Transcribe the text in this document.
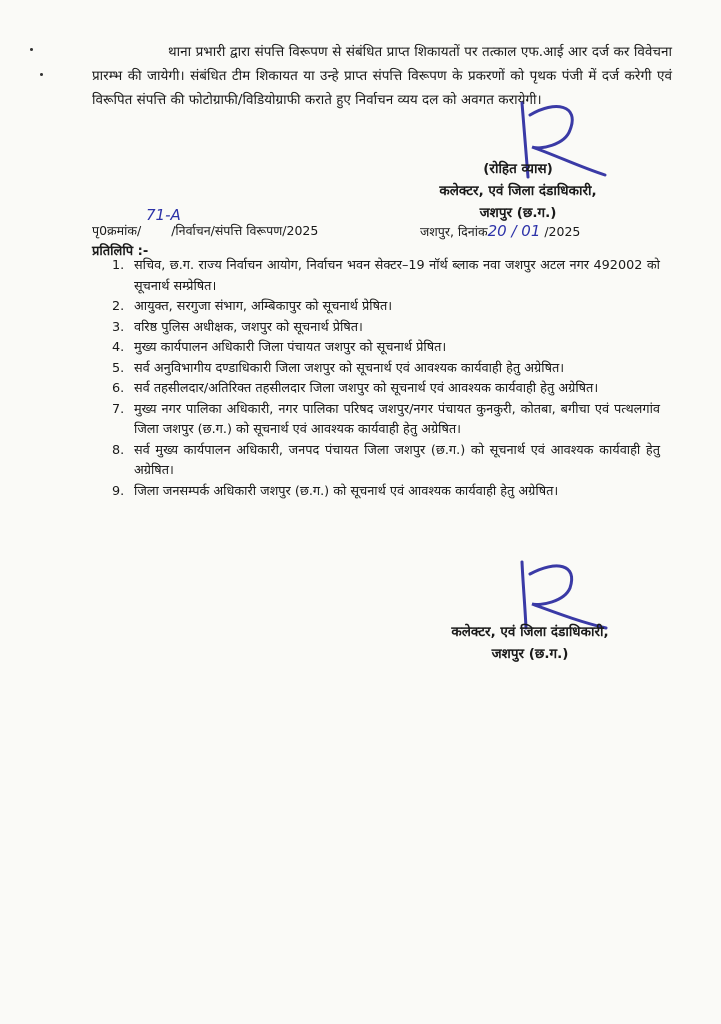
थाना प्रभारी द्वारा संपत्ति विरूपण से संबंधित प्राप्त शिकायतों पर तत्काल एफ.आई आर दर्ज कर विवेचना प्रारम्भ की जायेगी। संबंधित टीम शिकायत या उन्हे प्राप्त संपत्ति विरूपण के प्रकरणों को पृथक पंजी में दर्ज करेगी एवं विरूपित संपत्ति की फोटोग्राफी/विडियोग्राफी कराते हुए निर्वाचन व्यय दल को अवगत करायेगी।

(रोहित व्यास)
कलेक्टर, एवं जिला दंडाधिकारी,
जशपुर (छ.ग.)
पृ0क्रमांक/ /निर्वाचन/संपत्ति विरूपण/2025
71-A
जशपुर, दिनांक20 / 01 /2025
प्रतिलिपि :-
1. सचिव, छ.ग. राज्य निर्वाचन आयोग, निर्वाचन भवन सेक्टर–19 नॉर्थ ब्लाक नवा जशपुर अटल नगर 492002 को सूचनार्थ सम्प्रेषित।
2. आयुक्त, सरगुजा संभाग, अम्बिकापुर को सूचनार्थ प्रेषित।
3. वरिष्ठ पुलिस अधीक्षक, जशपुर को सूचनार्थ प्रेषित।
4. मुख्य कार्यपालन अधिकारी जिला पंचायत जशपुर को सूचनार्थ प्रेषित।
5. सर्व अनुविभागीय दण्डाधिकारी जिला जशपुर को सूचनार्थ एवं आवश्यक कार्यवाही हेतु अग्रेषित।
6. सर्व तहसीलदार/अतिरिक्त तहसीलदार जिला जशपुर को सूचनार्थ एवं आवश्यक कार्यवाही हेतु अग्रेषित।
7. मुख्य नगर पालिका अधिकारी, नगर पालिका परिषद जशपुर/नगर पंचायत कुनकुरी, कोतबा, बगीचा एवं पत्थलगांव जिला जशपुर (छ.ग.) को सूचनार्थ एवं आवश्यक कार्यवाही हेतु अग्रेषित।
8. सर्व मुख्य कार्यपालन अधिकारी, जनपद पंचायत जिला जशपुर (छ.ग.) को सूचनार्थ एवं आवश्यक कार्यवाही हेतु अग्रेषित।
9. जिला जनसम्पर्क अधिकारी जशपुर (छ.ग.) को सूचनार्थ एवं आवश्यक कार्यवाही हेतु अग्रेषित।
कलेक्टर, एवं जिला दंडाधिकारी,
जशपुर (छ.ग.)
